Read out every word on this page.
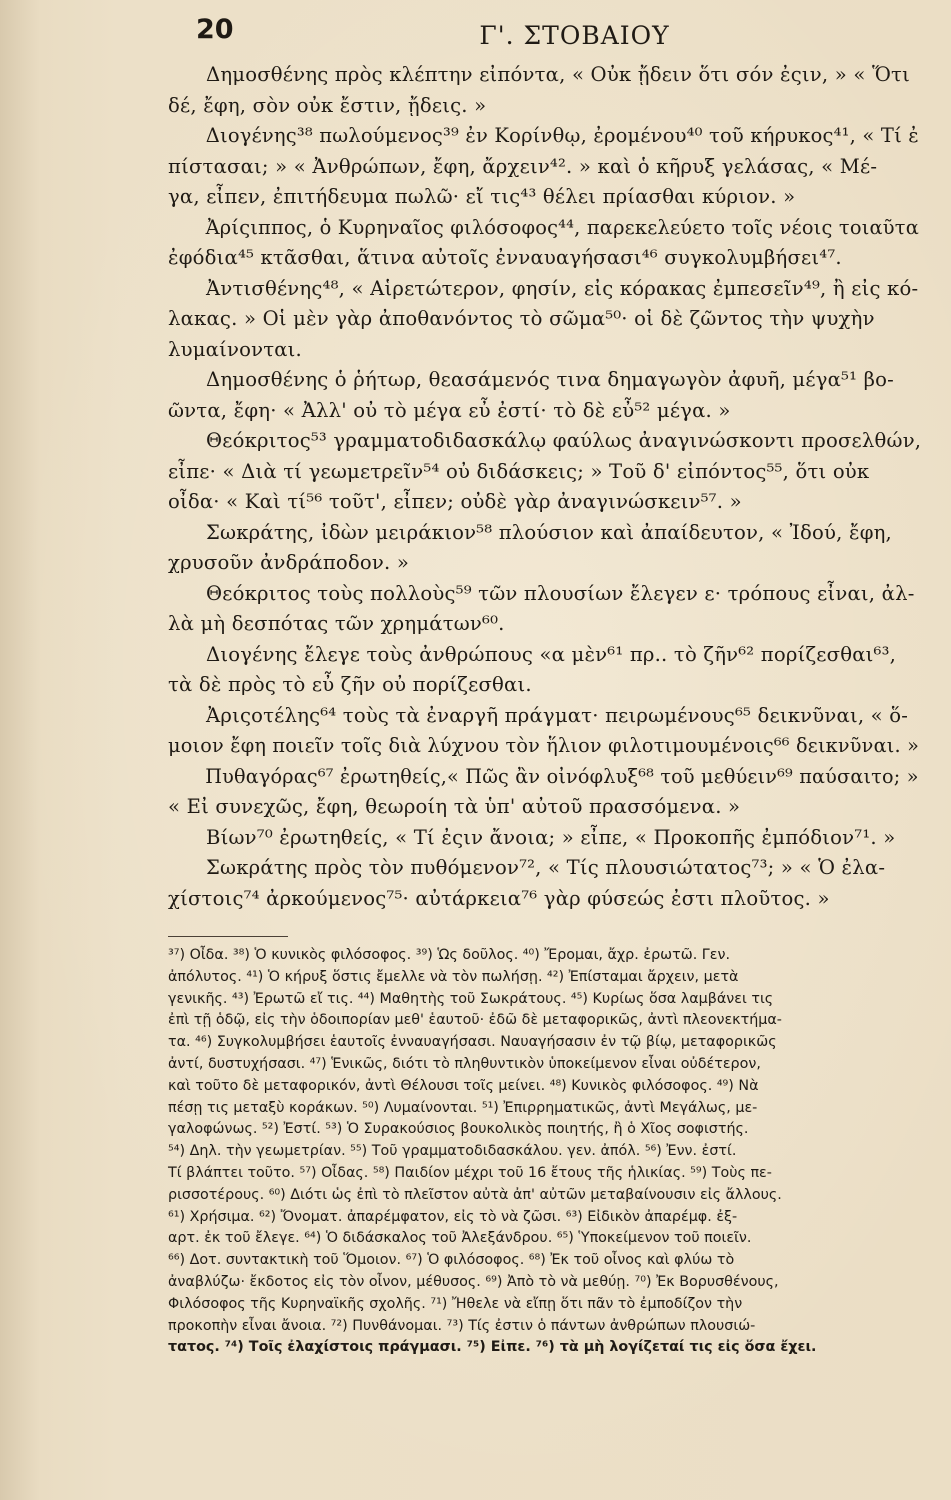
20	Γ'. ΣΤΟΒΑΙΟΥ
Δημοσθένης πρὸς κλέπτην εἰπόντα, « Οὐκ ᾔδειν ὅτι σόν ἐςιν, » « Ὅτι
δέ, ἔφη, σὸν οὐκ ἔστιν, ᾔδεις. »
Διογένης³⁸ πωλούμενος³⁹ ἐν Κορίνθῳ, ἐρομένου⁴⁰ τοῦ κήρυκος⁴¹, « Τί ἐ
πίστασαι; » « Ἀνθρώπων, ἔφη, ἄρχειν⁴². » καὶ ὁ κῆρυξ γελάσας, « Μέ-
γα, εἶπεν, ἐπιτήδευμα πωλῶ· εἴ τις⁴³ θέλει πρίασθαι κύριον. »
Ἀρίςιππος, ὁ Κυρηναῖος φιλόσοφος⁴⁴, παρεκελεύετο τοῖς νέοις τοιαῦτα
ἐφόδια⁴⁵ κτᾶσθαι, ἅτινα αὐτοῖς ἐνναυαγήσασι⁴⁶ συγκολυμβήσει⁴⁷.
Ἀντισθένης⁴⁸, « Αἱρετώτερον, φησίν, εἰς κόρακας ἐμπεσεῖν⁴⁹, ἢ εἰς κό-
λακας. » Οἱ μὲν γὰρ ἀποθανόντος τὸ σῶμα⁵⁰· οἱ δὲ ζῶντος τὴν ψυχὴν
λυμαίνονται.
Δημοσθένης ὁ ῥήτωρ, θεασάμενός τινα δημαγωγὸν ἀφυῆ, μέγα⁵¹ βο-
ῶντα, ἔφη· « Ἀλλ' οὐ τὸ μέγα εὖ ἐστί· τὸ δὲ εὖ⁵² μέγα. »
Θεόκριτος⁵³ γραμματοδιδασκάλῳ φαύλως ἀναγινώσκοντι προσελθών,
εἶπε· « Διὰ τί γεωμετρεῖν⁵⁴ οὐ διδάσκεις; » Τοῦ δ' εἰπόντος⁵⁵, ὅτι οὐκ
οἶδα· « Καὶ τί⁵⁶ τοῦτ', εἶπεν; οὐδὲ γὰρ ἀναγινώσκειν⁵⁷. »
Σωκράτης, ἰδὼν μειράκιον⁵⁸ πλούσιον καὶ ἀπαίδευτον, « Ἰδού, ἔφη,
χρυσοῦν ἀνδράποδον. »
Θεόκριτος τοὺς πολλοὺς⁵⁹ τῶν πλουσίων ἔλεγεν ε· τρόπους εἶναι, ἀλ-
λὰ μὴ δεσπότας τῶν χρημάτων⁶⁰.
Διογένης ἔλεγε τοὺς ἀνθρώπους «α μὲν⁶¹ πρ.. τὸ ζῆν⁶² πορίζεσθαι⁶³,
τὰ δὲ πρὸς τὸ εὖ ζῆν οὐ πορίζεσθαι.
Ἀριςοτέλης⁶⁴ τοὺς τὰ ἐναργῆ πράγματ· πειρωμένους⁶⁵ δεικνῦναι, « ὅ-
μοιον ἔφη ποιεῖν τοῖς διὰ λύχνου τὸν ἥλιον φιλοτιμουμένοις⁶⁶ δεικνῦναι. »
Πυθαγόρας⁶⁷ ἐρωτηθείς,« Πῶς ἂν οἰνόφλυξ⁶⁸ τοῦ μεθύειν⁶⁹ παύσαιτο; »
« Εἰ συνεχῶς, ἔφη, θεωροίη τὰ ὑπ' αὐτοῦ πρασσόμενα. »
Βίων⁷⁰ ἐρωτηθείς, « Τί ἐςιν ἄνοια; » εἶπε, « Προκοπῆς ἐμπόδιον⁷¹. »
Σωκράτης πρὸς τὸν πυθόμενον⁷², « Τίς πλουσιώτατος⁷³; » « Ὁ ἐλα-
χίστοις⁷⁴ ἀρκούμενος⁷⁵· αὐτάρκεια⁷⁶ γὰρ φύσεώς ἐστι πλοῦτος. »
³⁷) Οἶδα. ³⁸) Ὁ κυνικὸς φιλόσοφος. ³⁹) Ὡς δοῦλος. ⁴⁰) Ἔρομαι, ἄχρ. ἐρωτῶ. Γεν.
ἀπόλυτος. ⁴¹) Ὁ κήρυξ ὅστις ἔμελλε νὰ τὸν πωλήσῃ. ⁴²) Ἐπίσταμαι ἄρχειν, μετὰ
γενικῆς. ⁴³) Ἐρωτῶ εἴ τις. ⁴⁴) Μαθητὴς τοῦ Σωκράτους. ⁴⁵) Κυρίως ὅσα λαμβάνει τις
ἐπὶ τῇ ὁδῷ, εἰς τὴν ὁδοιπορίαν μεθ' ἑαυτοῦ· ἐδῶ δὲ μεταφορικῶς, ἀντὶ πλεονεκτήμα-
τα. ⁴⁶) Συγκολυμβήσει ἑαυτοῖς ἐνναυαγήσασι. Ναυαγήσασιν ἐν τῷ βίῳ, μεταφορικῶς
ἀντί, δυστυχήσασι. ⁴⁷) Ἑνικῶς, διότι τὸ πληθυντικὸν ὑποκείμενον εἶναι οὐδέτερον,
καὶ τοῦτο δὲ μεταφορικόν, ἀντὶ Θέλουσι τοῖς μείνει. ⁴⁸) Κυνικὸς φιλόσοφος. ⁴⁹) Νὰ
πέσῃ τις μεταξὺ κοράκων. ⁵⁰) Λυμαίνονται. ⁵¹) Ἐπιρρηματικῶς, ἀντὶ Μεγάλως, με-
γαλοφώνως. ⁵²) Ἐστί. ⁵³) Ὁ Συρακούσιος βουκολικὸς ποιητής, ἢ ὁ Χῖος σοφιστής.
⁵⁴) Δηλ. τὴν γεωμετρίαν. ⁵⁵) Τοῦ γραμματοδιδασκάλου. γεν. ἀπόλ. ⁵⁶) Ἐνν. ἐστί.
Τί βλάπτει τοῦτο. ⁵⁷) Οἶδας. ⁵⁸) Παιδίον μέχρι τοῦ 16 ἔτους τῆς ἡλικίας. ⁵⁹) Τοὺς πε-
ρισσοτέρους. ⁶⁰) Διότι ὡς ἐπὶ τὸ πλεῖστον αὐτὰ ἀπ' αὐτῶν μεταβαίνουσιν εἰς ἄλλους.
⁶¹) Χρήσιμα. ⁶²) Ὄνοματ. ἀπαρέμφατον, εἰς τὸ νὰ ζῶσι. ⁶³) Εἰδικὸν ἀπαρέμφ. ἐξ-
αρτ. ἐκ τοῦ ἔλεγε. ⁶⁴) Ὁ διδάσκαλος τοῦ Ἀλεξάνδρου. ⁶⁵) Ὑποκείμενον τοῦ ποιεῖν.
⁶⁶) Δοτ. συντακτικὴ τοῦ Ὅμοιον. ⁶⁷) Ὁ φιλόσοφος. ⁶⁸) Ἐκ τοῦ οἶνος καὶ φλύω τὸ
ἀναβλύζω· ἔκδοτος εἰς τὸν οἶνον, μέθυσος. ⁶⁹) Ἀπὸ τὸ νὰ μεθύῃ. ⁷⁰) Ἐκ Βορυσθένους,
Φιλόσοφος τῆς Κυρηναϊκῆς σχολῆς. ⁷¹) Ἤθελε νὰ εἴπῃ ὅτι πᾶν τὸ ἐμποδίζον τὴν
προκοπὴν εἶναι ἄνοια. ⁷²) Πυνθάνομαι. ⁷³) Τίς ἐστιν ὁ πάντων ἀνθρώπων πλουσιώ-
τατος. ⁷⁴) Τοῖς ἐλαχίστοις πράγμασι. ⁷⁵) Εἰπε. ⁷⁶) τὰ μὴ λογίζεταί τις εἰς ὅσα ἔχει.
